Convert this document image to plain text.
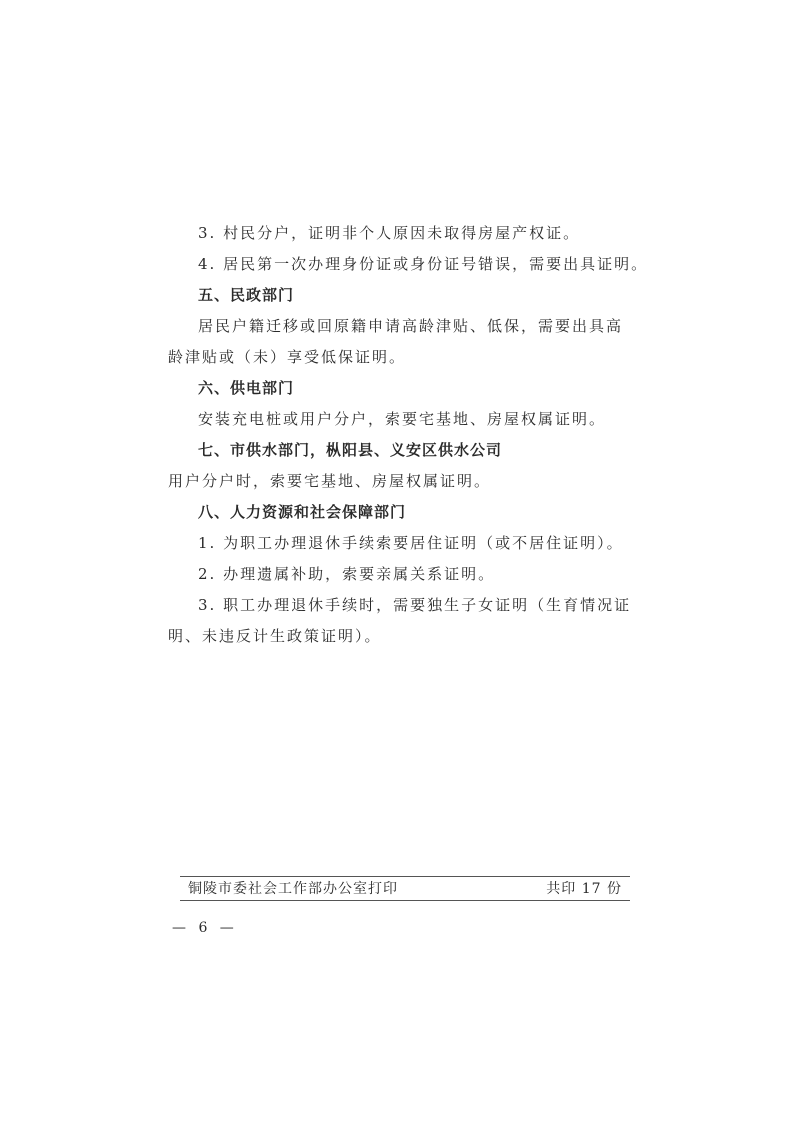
3. 村民分户，证明非个人原因未取得房屋产权证。

4. 居民第一次办理身份证或身份证号错误，需要出具证明。

五、民政部门

居民户籍迁移或回原籍申请高龄津贴、低保，需要出具高

龄津贴或（未）享受低保证明。

六、供电部门

安装充电桩或用户分户，索要宅基地、房屋权属证明。

七、市供水部门，枞阳县、义安区供水公司

用户分户时，索要宅基地、房屋权属证明。

八、人力资源和社会保障部门

1. 为职工办理退休手续索要居住证明（或不居住证明）。

2. 办理遗属补助，索要亲属关系证明。

3. 职工办理退休手续时，需要独生子女证明（生育情况证

明、未违反计生政策证明）。

铜陵市委社会工作部办公室打印	共印 17 份
— 6 —
